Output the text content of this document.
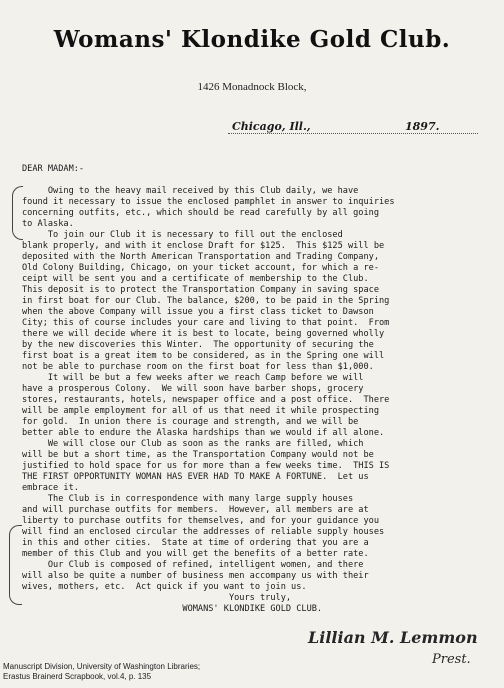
Womans' Klondike Gold Club.
1426 Monadnock Block,
Chicago, Ill.,	1897.
DEAR MADAM:-
Owing to the heavy mail received by this Club daily, we have
found it necessary to issue the enclosed pamphlet in answer to inquiries
concerning outfits, etc., which should be read carefully by all going
to Alaska.
To join our Club it is necessary to fill out the enclosed
blank properly, and with it enclose Draft for $125.  This $125 will be
deposited with the North American Transportation and Trading Company,
Old Colony Building, Chicago, on your ticket account, for which a re-
ceipt will be sent you and a certificate of membership to the Club.
This deposit is to protect the Transportation Company in saving space
in first boat for our Club. The balance, $200, to be paid in the Spring
when the above Company will issue you a first class ticket to Dawson
City; this of course includes your care and living to that point.  From
there we will decide where it is best to locate, being governed wholly
by the new discoveries this Winter.  The opportunity of securing the
first boat is a great item to be considered, as in the Spring one will
not be able to purchase room on the first boat for less than $1,000.
It will be but a few weeks after we reach Camp before we will
have a prosperous Colony.  We will soon have barber shops, grocery
stores, restaurants, hotels, newspaper office and a post office.  There
will be ample employment for all of us that need it while prospecting
for gold.  In union there is courage and strength, and we will be
better able to endure the Alaska hardships than we would if all alone.
We will close our Club as soon as the ranks are filled, which
will be but a short time, as the Transportation Company would not be
justified to hold space for us for more than a few weeks time.  THIS IS
THE FIRST OPPORTUNITY WOMAN HAS EVER HAD TO MAKE A FORTUNE.  Let us
embrace it.
The Club is in correspondence with many large supply houses
and will purchase outfits for members.  However, all members are at
liberty to purchase outfits for themselves, and for your guidance you
will find an enclosed circular the addresses of reliable supply houses
in this and other cities.  State at time of ordering that you are a
member of this Club and you will get the benefits of a better rate.
Our Club is composed of refined, intelligent women, and there
will also be quite a number of business men accompany us with their
wives, mothers, etc.  Act quick if you want to join us.
Yours truly,
WOMANS' KLONDIKE GOLD CLUB.
Lillian M. Lemmon
Prest.
Manuscript Division, University of Washington Libraries;
Erastus Brainerd Scrapbook, vol.4, p. 135
